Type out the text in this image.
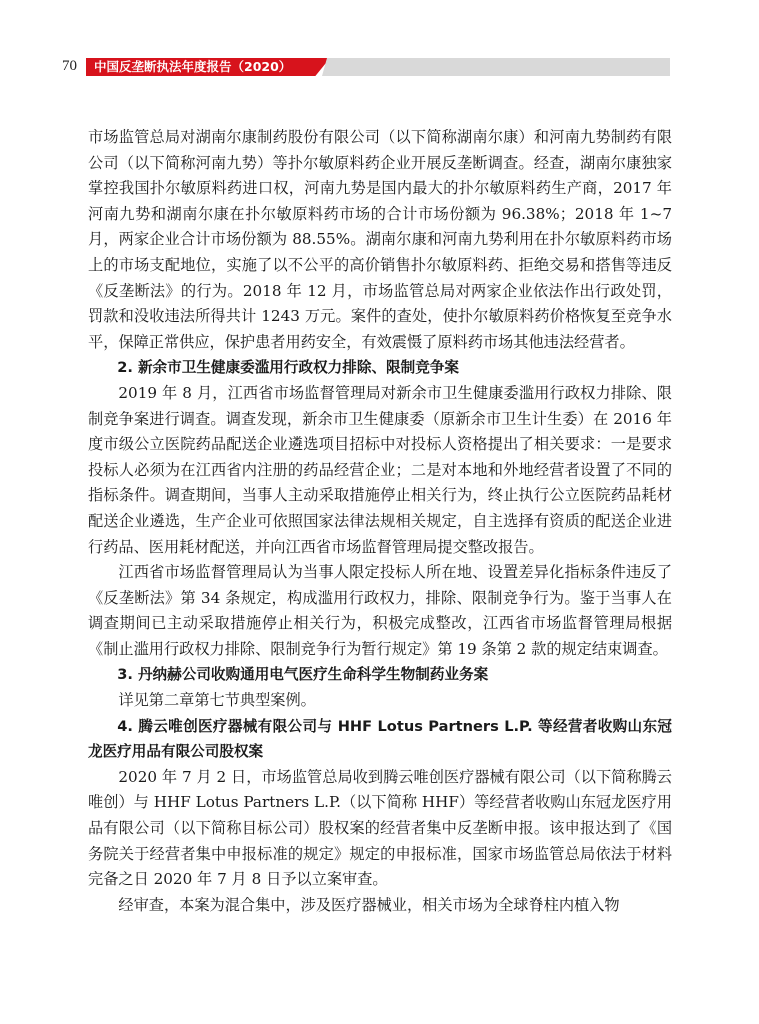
70 中国反垄断执法年度报告（2020）

市场监管总局对湖南尔康制药股份有限公司（以下简称湖南尔康）和河南九势制药有限公司（以下简称河南九势）等扑尔敏原料药企业开展反垄断调查。经查，湖南尔康独家掌控我国扑尔敏原料药进口权，河南九势是国内最大的扑尔敏原料药生产商，2017 年河南九势和湖南尔康在扑尔敏原料药市场的合计市场份额为 96.38%；2018 年 1~7 月，两家企业合计市场份额为 88.55%。湖南尔康和河南九势利用在扑尔敏原料药市场上的市场支配地位，实施了以不公平的高价销售扑尔敏原料药、拒绝交易和搭售等违反《反垄断法》的行为。2018 年 12 月，市场监管总局对两家企业依法作出行政处罚，罚款和没收违法所得共计 1243 万元。案件的查处，使扑尔敏原料药价格恢复至竞争水平，保障正常供应，保护患者用药安全，有效震慑了原料药市场其他违法经营者。

2. 新余市卫生健康委滥用行政权力排除、限制竞争案

2019 年 8 月，江西省市场监督管理局对新余市卫生健康委滥用行政权力排除、限制竞争案进行调查。调查发现，新余市卫生健康委（原新余市卫生计生委）在 2016 年度市级公立医院药品配送企业遴选项目招标中对投标人资格提出了相关要求：一是要求投标人必须为在江西省内注册的药品经营企业；二是对本地和外地经营者设置了不同的指标条件。调查期间，当事人主动采取措施停止相关行为，终止执行公立医院药品耗材配送企业遴选，生产企业可依照国家法律法规相关规定，自主选择有资质的配送企业进行药品、医用耗材配送，并向江西省市场监督管理局提交整改报告。

江西省市场监督管理局认为当事人限定投标人所在地、设置差异化指标条件违反了《反垄断法》第 34 条规定，构成滥用行政权力，排除、限制竞争行为。鉴于当事人在调查期间已主动采取措施停止相关行为，积极完成整改，江西省市场监督管理局根据《制止滥用行政权力排除、限制竞争行为暂行规定》第 19 条第 2 款的规定结束调查。

3. 丹纳赫公司收购通用电气医疗生命科学生物制药业务案

详见第二章第七节典型案例。

4. 腾云唯创医疗器械有限公司与 HHF Lotus Partners L.P. 等经营者收购山东冠龙医疗用品有限公司股权案

2020 年 7 月 2 日，市场监管总局收到腾云唯创医疗器械有限公司（以下简称腾云唯创）与 HHF Lotus Partners L.P.（以下简称 HHF）等经营者收购山东冠龙医疗用品有限公司（以下简称目标公司）股权案的经营者集中反垄断申报。该申报达到了《国务院关于经营者集中申报标准的规定》规定的申报标准，国家市场监管总局依法于材料完备之日 2020 年 7 月 8 日予以立案审查。

经审查，本案为混合集中，涉及医疗器械业，相关市场为全球脊柱内植入物
